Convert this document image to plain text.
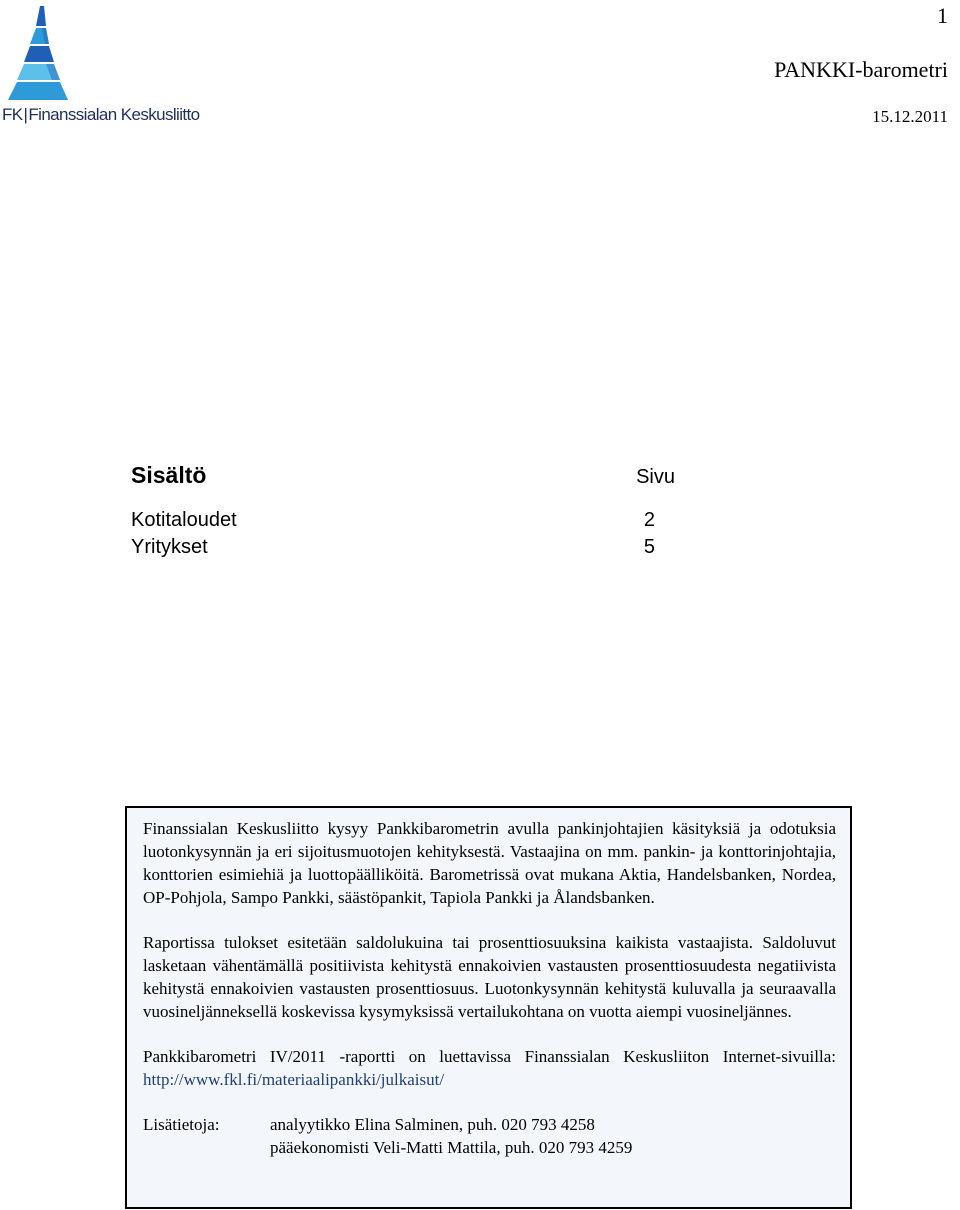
FK|Finanssialan Keskusliitto
1
PANKKI-barometri
15.12.2011
Sisältö	Sivu
Kotitaloudet	2
Yritykset	5

Finanssialan Keskusliitto kysyy Pankkibarometrin avulla pankinjohtajien käsityksiä ja odotuksia luotonkysynnän ja eri sijoitusmuotojen kehityksestä. Vastaajina on mm. pankin- ja konttorinjohtajia, konttorien esimiehiä ja luottopäälliköitä. Barometrissä ovat mukana Aktia, Handelsbanken, Nordea, OP-Pohjola, Sampo Pankki, säästöpankit, Tapiola Pankki ja Ålandsbanken.

Raportissa tulokset esitetään saldolukuina tai prosenttiosuuksina kaikista vastaajista. Saldoluvut lasketaan vähentämällä positiivista kehitystä ennakoivien vastausten prosenttiosuudesta negatiivista kehitystä ennakoivien vastausten prosenttiosuus. Luotonkysynnän kehitystä kuluvalla ja seuraavalla vuosineljänneksellä koskevissa kysymyksissä vertailukohtana on vuotta aiempi vuosineljännes.

Pankkibarometri IV/2011 -raportti on luettavissa Finanssialan Keskusliiton Internet-sivuilla: http://www.fkl.fi/materiaalipankki/julkaisut/

Lisätietoja:	analyytikko Elina Salminen, puh. 020 793 4258
pääekonomisti Veli-Matti Mattila, puh. 020 793 4259
